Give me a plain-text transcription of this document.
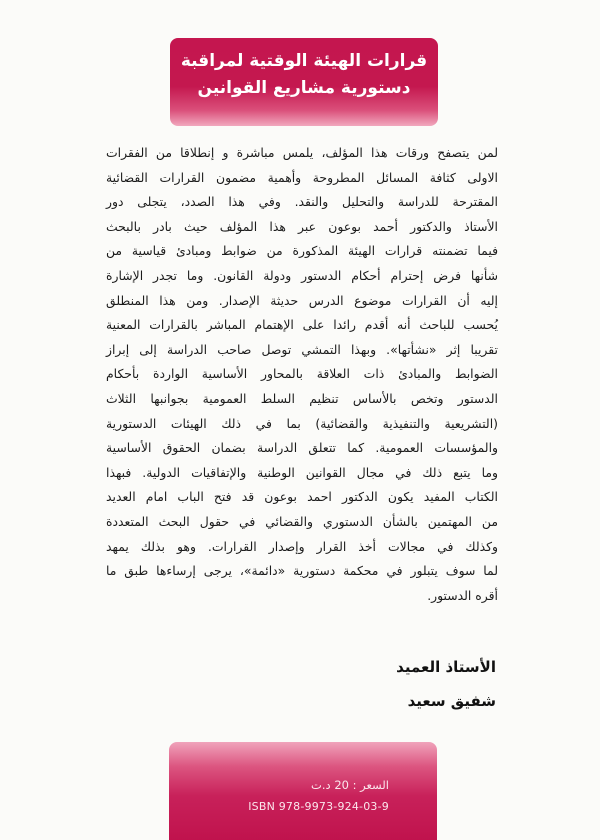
قرارات الهيئة الوقتية لمراقبة
دستورية مشاريع القوانين
لمن يتصفح ورقات هذا المؤلف، يلمس مباشرة و إنطلاقا من الفقرات
الاولى كثافة المسائل المطروحة وأهمية مضمون القرارات القضائية
المقترحة للدراسة والتحليل والنقد. وفي هذا الصدد، يتجلى دور
الأستاذ والدكتور أحمد بوعون عبر هذا المؤلف حيث بادر بالبحث
فيما تضمنته قرارات الهيئة المذكورة من ضوابط ومبادئ قياسية من
شأنها فرض إحترام أحكام الدستور ودولة القانون. وما تجدر الإشارة
إليه أن القرارات موضوع الدرس حديثة الإصدار. ومن هذا المنطلق
يُحسب للباحث أنه أقدم رائدا على الإهتمام المباشر بالقرارات المعنية
تقريبا إثر «نشأتها». وبهذا التمشي توصل صاحب الدراسة إلى إبراز
الضوابط والمبادئ ذات العلاقة بالمحاور الأساسية الواردة بأحكام
الدستور وتخص بالأساس تنظيم السلط العمومية بجوانبها الثلاث
(التشريعية والتنفيذية والقضائية) بما في ذلك الهيئات الدستورية
والمؤسسات العمومية. كما تتعلق الدراسة بضمان الحقوق الأساسية
وما يتبع ذلك في مجال القوانين الوطنية والإتفاقيات الدولية. فبهذا
الكتاب المفيد يكون الدكتور احمد بوعون قد فتح الباب امام العديد
من المهتمين بالشأن الدستوري والقضائي في حقول البحث المتعددة
وكذلك في مجالات أخذ القرار وإصدار القرارات. وهو بذلك يمهد
لما سوف يتبلور في محكمة دستورية «دائمة»، يرجى إرساءها طبق ما
أقره الدستور.
الأستاذ العميد
شفيق سعيد
السعر : 20 د.ت
ISBN 978-9973-924-03-9
